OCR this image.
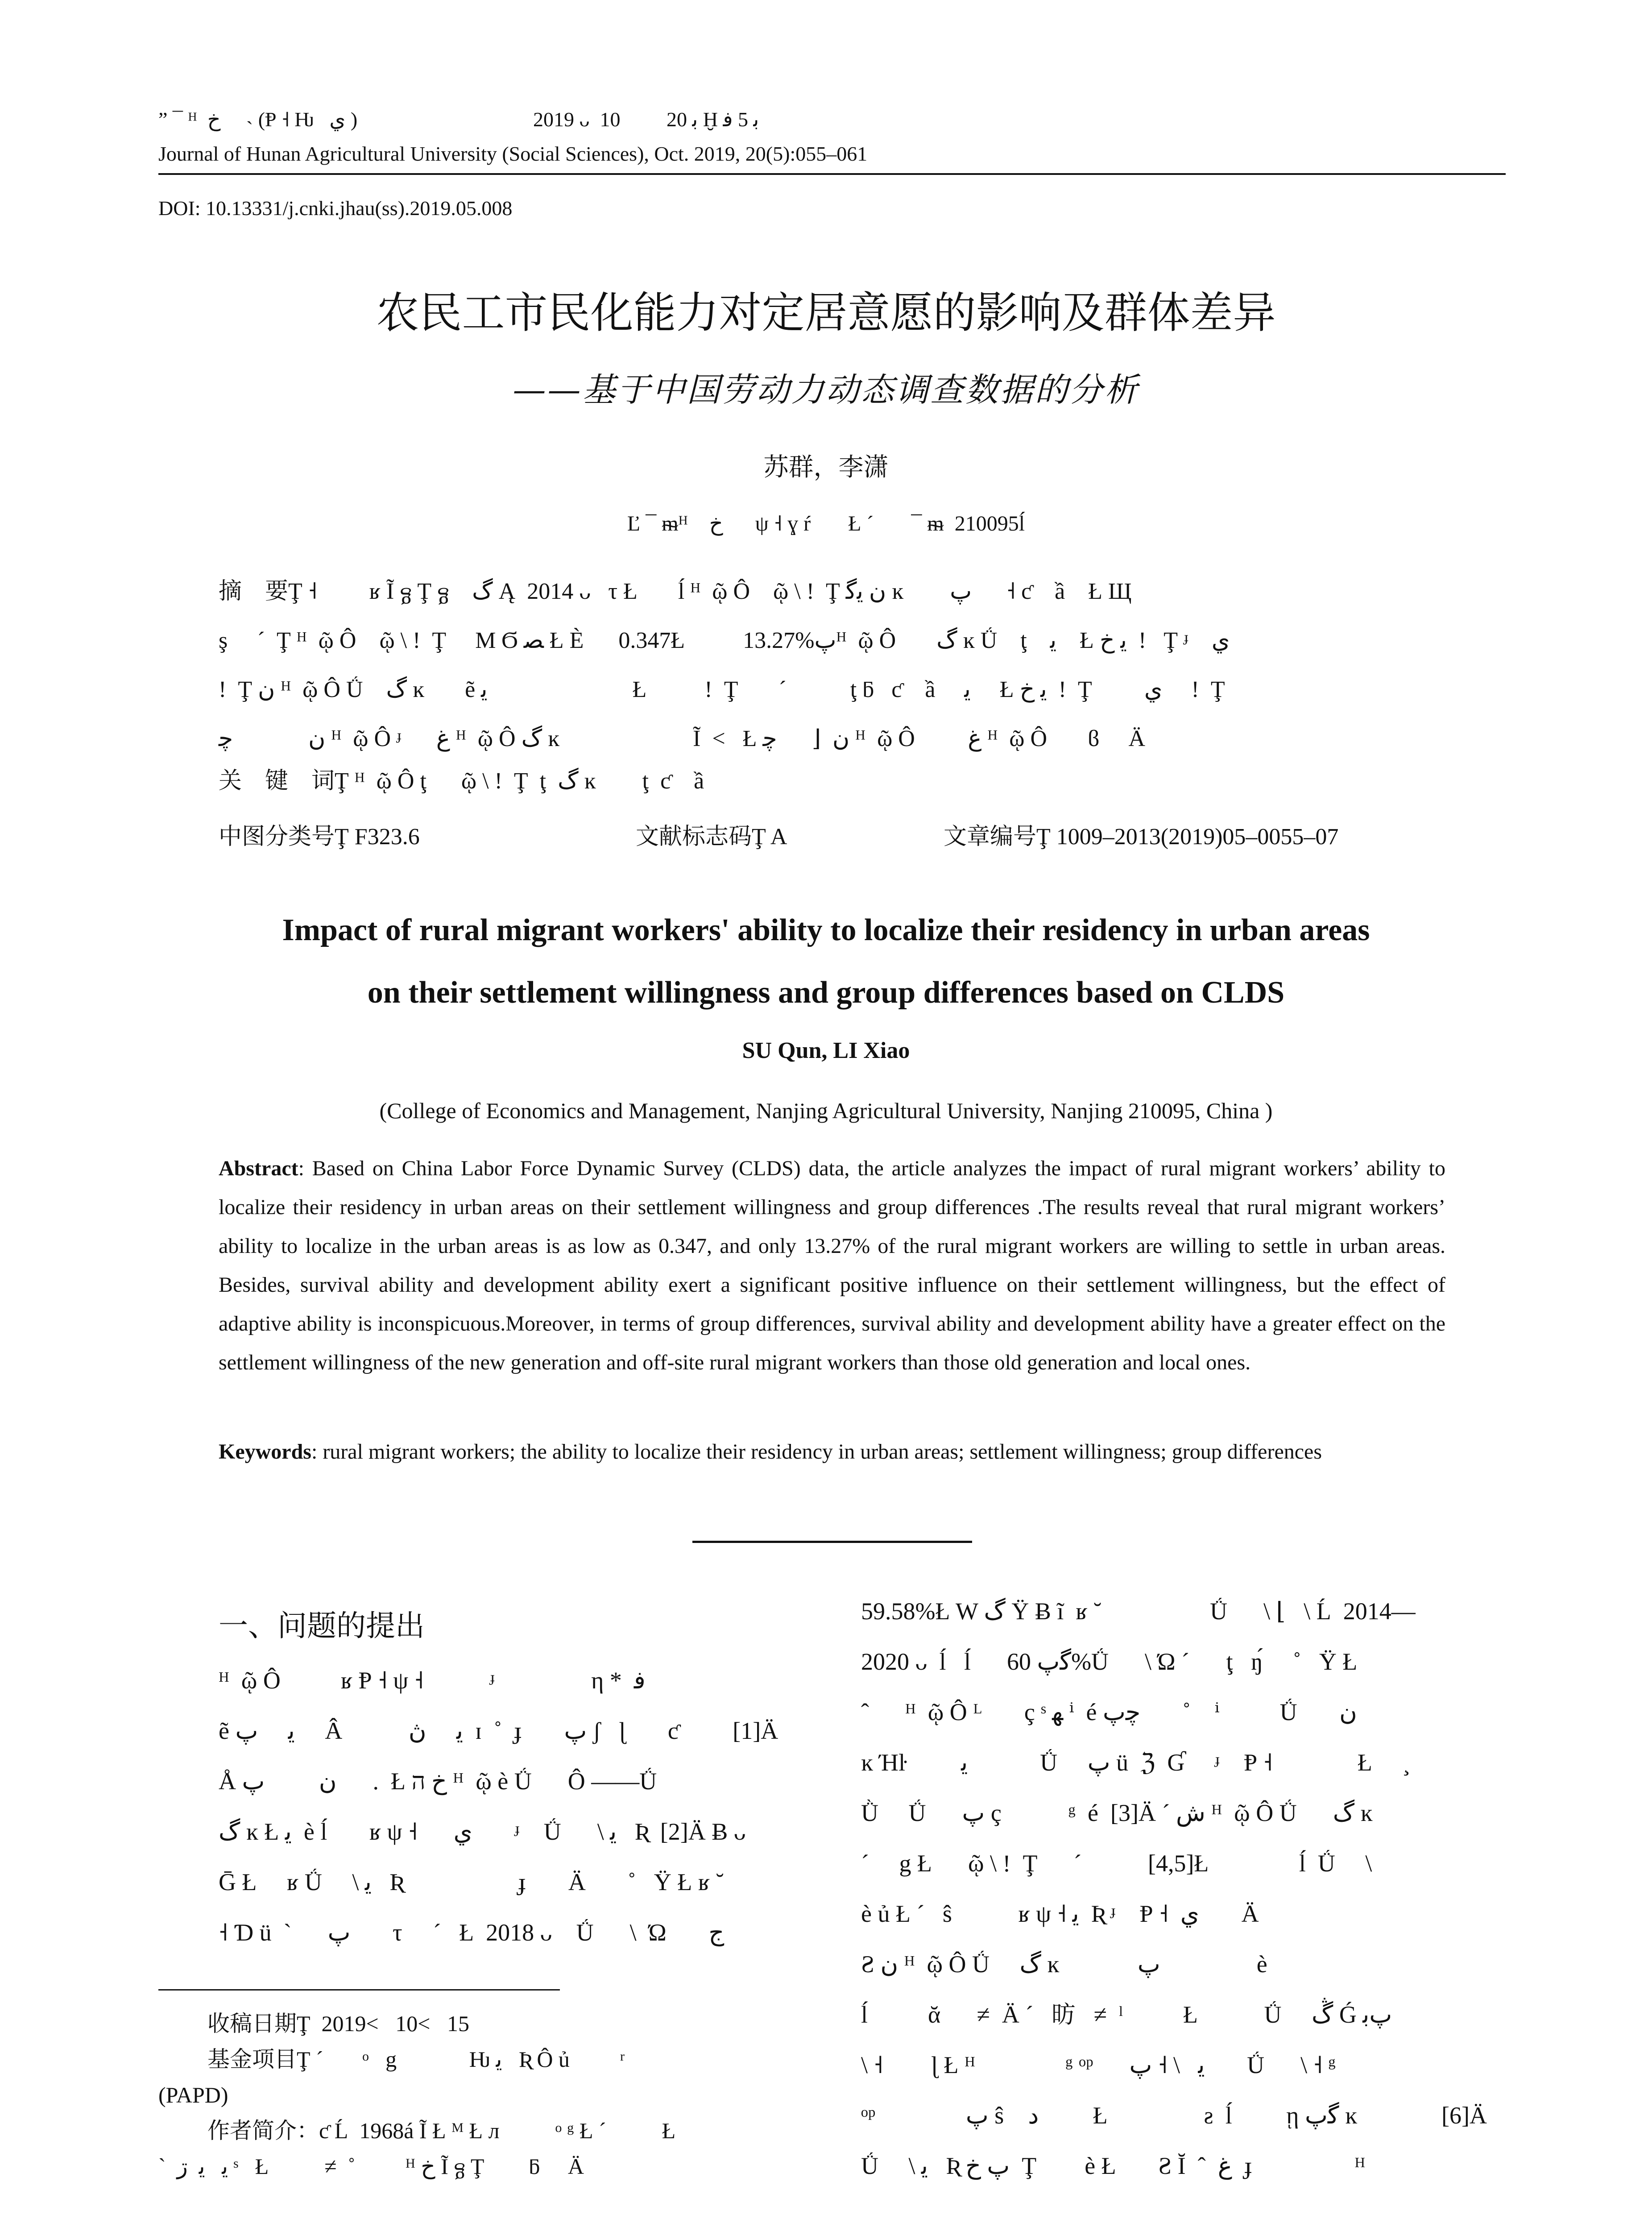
” ¯ ᴴ  ﺥ     ˴ (Ᵽ ˧ Ƕ   ي )	2019 ᴗ  10         ﺑ 20 Ḫ ﺑ 5 ﻓ
Journal of Hunan Agricultural University (Social Sciences), Oct. 2019, 20(5):055–061
DOI: 10.13331/j.cnki.jhau(ss).2019.05.008
农民工市民化能力对定居意愿的影响及群体差异
——基于中国劳动力动态调查数据的分析
苏群，李潇
Ľ ¯ ᵯᴴ    ﺥ      ψ ˧ ɣ ŕ       Ł ˊ       ¯ ᵯ  210095ĺ
摘　要Ţ ˧         ʁ Ĩ ᵷ Ţ ᵷ    گ Ą  2014 ᴗ   τ Ł       ĺ ᴴ  ῷ Ô    ῷ \ ǃ  Ţ ن ﯾﮔ ĸ        پ      ˧ ƈ    ầ    Ł Щ
ş ⃞ ˊ  Ţ ᴴ  ῷ Ô    ῷ \ ǃ  Ţ     M Ϭ ﺼ Ł È      0.347Ł          13.27%پᴴ  ῷ Ô       گ ĸ Ǘ    ţ    ﯾ    Ł ﯾ ﺥ  ǃ   Ţ ᶡ    ي
ǃ  Ţ ن ᴴ  ῷ Ô Ǘ    گ ĸ       ẽ ﯾ                         Ł          ǃ  Ţ       ˊ           ţ ƃ   ƈ    ầ     ﯾ     Ł ﯾ ﺥ  ǃ  Ţ         ي     ǃ  Ţ
ن             ﭼ ᴴ  ῷ Ô ᶡ      ﻍ ᴴ  ῷ Ô گ ĸ                       Ĩ  ˂   Ł ن  ⌊      ﭼ ᴴ  ῷ Ô     ⃞ ﻍ ᴴ  ῷ Ô       ϐ     Ä
关　键　词Ţ ᴴ  ῷ Ô ţ      ῷ \ ǃ  Ţ  ţ  گ ĸ        ţ  ƈ    ầ
中图分类号Ţ F323.6	文献标志码Ţ A	文章编号Ţ 1009–2013(2019)05–0055–07
Impact of rural migrant workers' ability to localize their residency in urban areas
on their settlement willingness and group differences based on CLDS
SU Qun, LI Xiao
(College of Economics and Management, Nanjing Agricultural University, Nanjing 210095, China )
Abstract: Based on China Labor Force Dynamic Survey (CLDS) data, the article analyzes the impact of rural migrant workers’ ability to localize their residency in urban areas on their settlement willingness and group differences .The results reveal that rural migrant workers’ ability to localize in the urban areas is as low as 0.347, and only 13.27% of the rural migrant workers are willing to settle in urban areas. Besides, survival ability and development ability exert a significant positive influence on their settlement willingness, but the effect of adaptive ability is inconspicuous.Moreover, in terms of group differences, survival ability and development ability have a greater effect on the settlement willingness of the new generation and off-site rural migrant workers than those old generation and local ones.
Keywords: rural migrant workers; the ability to localize their residency in urban areas; settlement willingness; group differences
一、问题的提出
ᴴ  ῷ Ô          ʁ Ᵽ ˧ ψ ˧           ᶡ                η *  ﻓ
ẽ ﯾ     پ     Â           ﯾ     ڽ  ɪ  ˚  ɟ       پ ʃ   ɭ       ƈ         [1]Ä
Å ن         پ      .  Ł ﺥ ה ᴴ  ῷ è Ǘ      Ô ——Ǘ
گ ĸ Ł ﯾ  è ĺ       ʁ ψ ˧      ي       ᶡ    Ǘ      \ ﯾ   Ʀ  [2]Ä Ƀ ᴗ
Ḡ Ł     ʁ Ǘ     \ ﯾ   Ʀ          ⃞      ɟ       Ä       ˚   Ÿ Ł ʁ ˘
˧ Ɗ ü  `      پ       τ ⃞ ˊ   Ł  2018 ᴗ    Ǘ      \  Ώ       ﺝ
收稿日期Ţ  2019˂   10˂   15
基金项目Ţ ˊ       ᵒ   g             Ƕ ﯾ   Ʀ Ô ủ         ʳ
(PAPD)
作者简介：ƈ Ĺ  1968á Ĩ Ł ᴹ Ł л          ᵒ ᵍ Ł ˊ          Ł
`  ﯾ   ﯾ  ڗ ˢ   Ł          ≠  ˚         ᴴ ﺥ Ĩ ᵷ Ţ        ƃ     Ä
59.58%Ł W گ Ÿ Ƀ ĩ  ʁ ˘                  Ǘ      \ ⌊   \ Ĺ  2014—
2020 ᴗ  ĺ   ĺ      ﮔپ 60%Ǘ      \ Ώ ˊ  ⃞ ţ   ŋ́     ˚   Ÿ Ł
ˆ      ᴴ  ῷ Ô ᴸ       ç ˢ ﻬ ⁱ  é ﭼپ       ˚    ⁱ          Ǘ       ن
ĸ Ήŀ         ﯾ            Ǘ     پ ü  ℨ  Ɠ     ᶡ    Ᵽ ˧     ⃞      Ł     ¸
Ǜ     Ǘ      پ ç  ⃞      ᵍ  é  [3]Ä ˊ ﺵ ᴴ  ῷ Ô Ǘ      گ ĸ
ˊ     g Ł      ῷ \ ǃ  Ţ      ˊ           [4,5]Ł               ĺ  Ǘ     \
è ủ Ł ˊ   ŝ           ʁ ψ ˧ ﯾ  Ʀ ᶡ    Ᵽ ˧  ي       Ä
Ƨ ن ᴴ  ῷ Ô Ǘ     گ ĸ             پ                è
ĺ          ᾰ      ≠  Ä ˊ   昉   ≠  ˡ          Ł           Ǘ     ڴ Ǵ پﺑ
\ ˧        ɭ Ł ᴴ               ᵍ ᵒᵖ      ﯾ   \ ˧ پ       Ǘ      \ ˧ ᵍ
ᵒᵖ               ﭖ ŝ    ﺩ         Ł                ƨ  ĺ         ῃ ﮔپ ĸ              [6]Ä
Ǘ     \ ﯾ   Ʀ پ ﺥ  Ţ        è Ł       Ƨ Ĭ  ˆ  ﻍ  ɟ                 ᴴ
